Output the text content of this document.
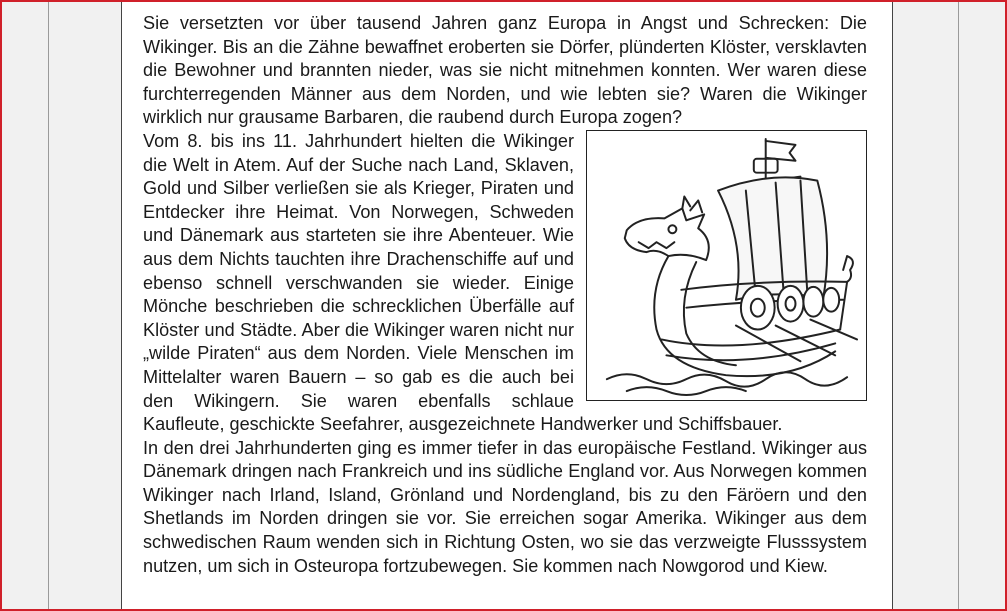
Sie versetzten vor über tausend Jahren ganz Europa in Angst und Schrecken: Die Wikinger. Bis an die Zähne bewaffnet eroberten sie Dörfer, plünderten Klöster, versklavten die Bewohner und brannten nieder, was sie nicht mitnehmen konnten. Wer waren diese furchterregenden Männer aus dem Norden, und wie lebten sie? Waren die Wikinger wirklich nur grausame Barbaren, die raubend durch Europa zogen?

Vom 8. bis ins 11. Jahrhundert hielten die Wikinger die Welt in Atem. Auf der Suche nach Land, Sklaven, Gold und Silber verließen sie als Krieger, Piraten und Entdecker ihre Heimat. Von Norwegen, Schweden und Dänemark aus starteten sie ihre Abenteuer. Wie aus dem Nichts tauchten ihre Drachenschiffe auf und ebenso schnell verschwanden sie wieder. Einige Mönche beschrieben die schrecklichen Überfälle auf Klöster und Städte. Aber die Wikinger waren nicht nur „wilde Piraten“ aus dem Norden. Viele Menschen im Mittelalter waren Bauern – so gab es die auch bei den Wikingern. Sie waren ebenfalls schlaue Kaufleute, geschickte Seefahrer, ausgezeichnete Handwerker und Schiffsbauer.

In den drei Jahrhunderten ging es immer tiefer in das europäische Festland. Wikinger aus Dänemark dringen nach Frankreich und ins südliche England vor. Aus Norwegen kommen Wikinger nach Irland, Island, Grönland und Nordengland, bis zu den Färöern und den Shetlands im Norden dringen sie vor. Sie erreichen sogar Amerika. Wikinger aus dem schwedischen Raum wenden sich in Richtung Osten, wo sie das verzweigte Flusssystem nutzen, um sich in Osteuropa fortzubewegen. Sie kommen nach Nowgorod und Kiew.
